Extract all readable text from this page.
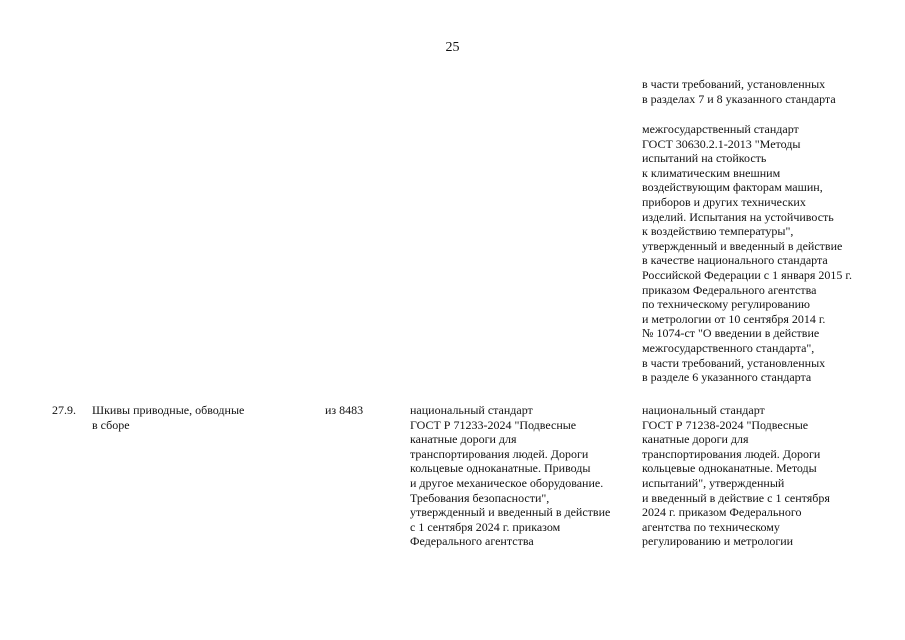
25
в части требований, установленных
в разделах 7 и 8 указанного стандарта
межгосударственный стандарт
ГОСТ 30630.2.1-2013 "Методы
испытаний на стойкость
к климатическим внешним
воздействующим факторам машин,
приборов и других технических
изделий. Испытания на устойчивость
к воздействию температуры",
утвержденный и введенный в действие
в качестве национального стандарта
Российской Федерации с 1 января 2015 г.
приказом Федерального агентства
по техническому регулированию
и метрологии от 10 сентября 2014 г.
№ 1074-ст "О введении в действие
межгосударственного стандарта",
в части требований, установленных
в разделе 6 указанного стандарта
27.9. Шкивы приводные, обводные
в сборе
из 8483	национальный стандарт
ГОСТ Р 71233-2024 "Подвесные
канатные дороги для
транспортирования людей. Дороги
кольцевые одноканатные. Приводы
и другое механическое оборудование.
Требования безопасности",
утвержденный и введенный в действие
с 1 сентября 2024 г. приказом
Федерального агентства
национальный стандарт
ГОСТ Р 71238-2024 "Подвесные
канатные дороги для
транспортирования людей. Дороги
кольцевые одноканатные. Методы
испытаний", утвержденный
и введенный в действие с 1 сентября
2024 г. приказом Федерального
агентства по техническому
регулированию и метрологии
